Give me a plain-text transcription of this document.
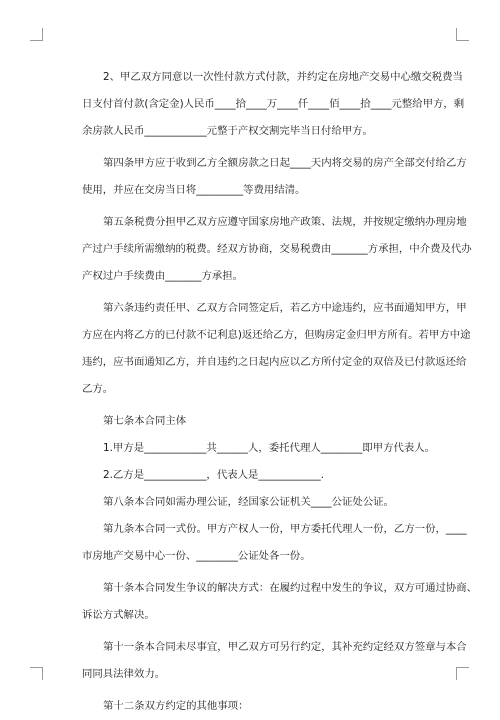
2、甲乙双方同意以一次性付款方式付款，并约定在房地产交易中心缴交税费当

日支付首付款(含定金)人民币____拾____万____仟____佰____拾____元整给甲方，剩

余房款人民币____________元整于产权交割完毕当日付给甲方。

第四条甲方应于收到乙方全额房款之日起____天内将交易的房产全部交付给乙方

使用，并应在交房当日将_________等费用结清。

第五条税费分担甲乙双方应遵守国家房地产政策、法规，并按规定缴纳办理房地

产过户手续所需缴纳的税费。经双方协商，交易税费由_______方承担，中介费及代办

产权过户手续费由_______方承担。

第六条违约责任甲、乙双方合同签定后，若乙方中途违约，应书面通知甲方，甲

方应在内将乙方的已付款不记利息)返还给乙方，但购房定金归甲方所有。若甲方中途

违约，应书面通知乙方，并自违约之日起内应以乙方所付定金的双倍及已付款返还给

乙方。

第七条本合同主体

1.甲方是____________共______人，委托代理人________即甲方代表人。

2.乙方是____________，代表人是____________.

第八条本合同如需办理公证，经国家公证机关____公证处公证。

第九条本合同一式份。甲方产权人一份，甲方委托代理人一份，乙方一份，____

市房地产交易中心一份、________公证处各一份。

第十条本合同发生争议的解决方式：在履约过程中发生的争议，双方可通过协商、

诉讼方式解决。

第十一条本合同未尽事宜，甲乙双方可另行约定，其补充约定经双方签章与本合

同同具法律效力。

第十二条双方约定的其他事项：
